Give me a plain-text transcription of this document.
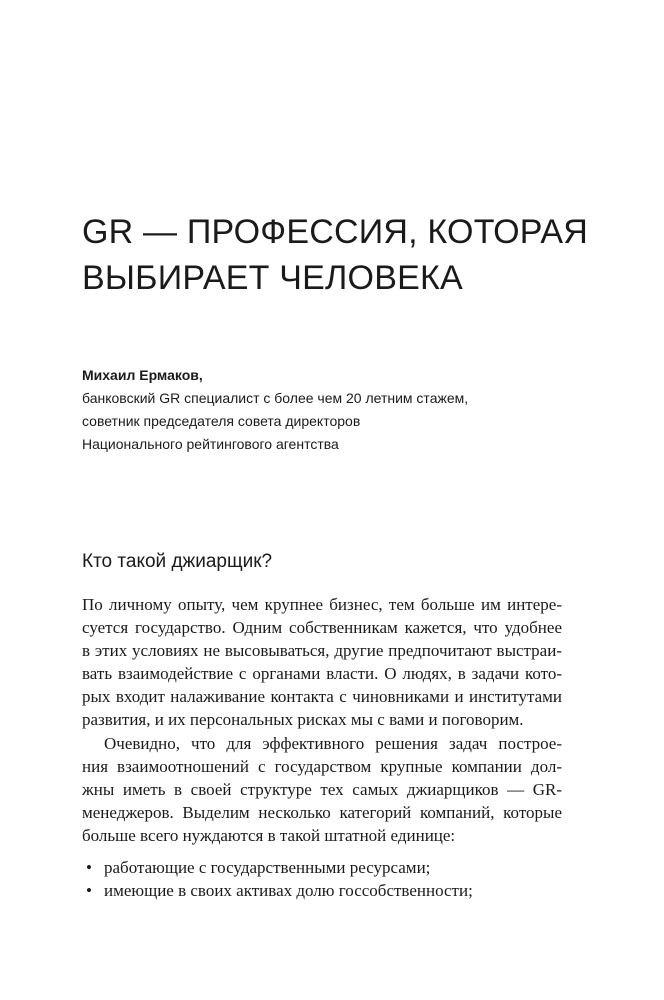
GR — ПРОФЕССИЯ, КОТОРАЯ
ВЫБИРАЕТ ЧЕЛОВЕКА
Михаил Ермаков,
банковский GR специалист с более чем 20 летним стажем,
советник председателя совета директоров
Национального рейтингового агентства
Кто такой джиарщик?
По личному опыту, чем крупнее бизнес, тем больше им интере-
суется государство. Одним собственникам кажется, что удобнее
в этих условиях не высовываться, другие предпочитают выстраи-
вать взаимодействие с органами власти. О людях, в задачи кото-
рых входит налаживание контакта с чиновниками и институтами
развития, и их персональных рисках мы с вами и поговорим.
Очевидно, что для эффективного решения задач построе-
ния взаимоотношений с государством крупные компании дол-
жны иметь в своей структуре тех самых джиарщиков — GR-
менеджеров. Выделим несколько категорий компаний, которые
больше всего нуждаются в такой штатной единице:
• работающие с государственными ресурсами;
• имеющие в своих активах долю госсобственности;
